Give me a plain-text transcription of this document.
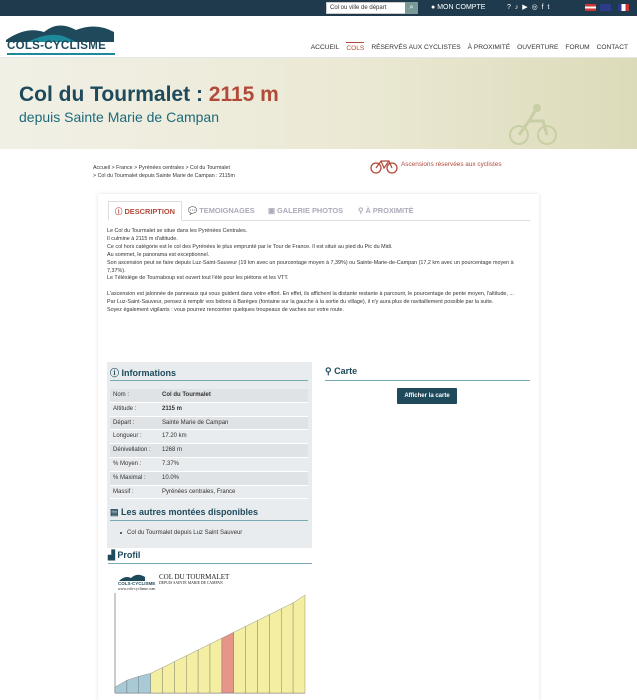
Col ou ville de départ	⌕	● MON COMPTE	? ♪ ▶ ◎ f t
COLS-CYCLISME	ACCUEIL COLS RÉSERVÉS AUX CYCLISTES À PROXIMITÉ OUVERTURE FORUM CONTACT
Col du Tourmalet : 2115 m
depuis Sainte Marie de Campan
Accueil > France > Pyrénées centrales > Col du Tourmalet
> Col du Tourmalet depuis Sainte Marie de Campan : 2115m
Ascensions réservées aux cyclistes
ⓘ DESCRIPTION	💬 TEMOIGNAGES ▣ GALERIE PHOTOS ⚲ À PROXIMITÉ

Le Col du Tourmalet se situe dans les Pyrénées Centrales.

Il culmine à 2115 m d'altitude.

Ce col hors catégorie est le col des Pyrénées le plus emprunté par le Tour de France. Il est situé au pied du Pic du Midi.

Au sommet, le panorama est exceptionnel.

Son ascension peut se faire depuis Luz-Saint-Sauveur (19 km avec un pourcentage moyen à 7,39%) ou Sainte-Marie-de-Campan (17,2 km avec un pourcentage moyen à 7,37%).

Le Télésiège de Tournaboup est ouvert tout l'été pour les piétons et les VTT.

L'ascension est jalonnée de panneaux qui vous guident dans votre effort. En effet, ils affichent la distante restante à parcourir, le pourcentage de pente moyen, l'altitude, ...

Par Luz-Saint-Sauveur, pensez à remplir vos bidons à Barèges (fontaine sur la gauche à la sortie du village), il n'y aura plus de ravitaillement possible par la suite.

Soyez également vigilants : vous pourrez rencontrer quelques troupeaux de vaches sur votre route.

ⓘ Informations
Nom :	Col du Tourmalet
Altitude :	2115 m
Départ :	Sainte Marie de Campan
Longueur :	17.20 km
Dénivellation : 1268 m
% Moyen :	7.37%
% Maximal :	10.0%
Massif :	Pyrénées centrales, France
▤ Les autres montées disponibles
Col du Tourmalet depuis Luz Saint Sauveur
⚲ Carte
Afficher la carte
▟ Profil
COLS-CYCLISME
COL DU TOURMALET
DEPUIS SAINTE MARIE DE CAMPAN
www.cols-cyclisme.com
